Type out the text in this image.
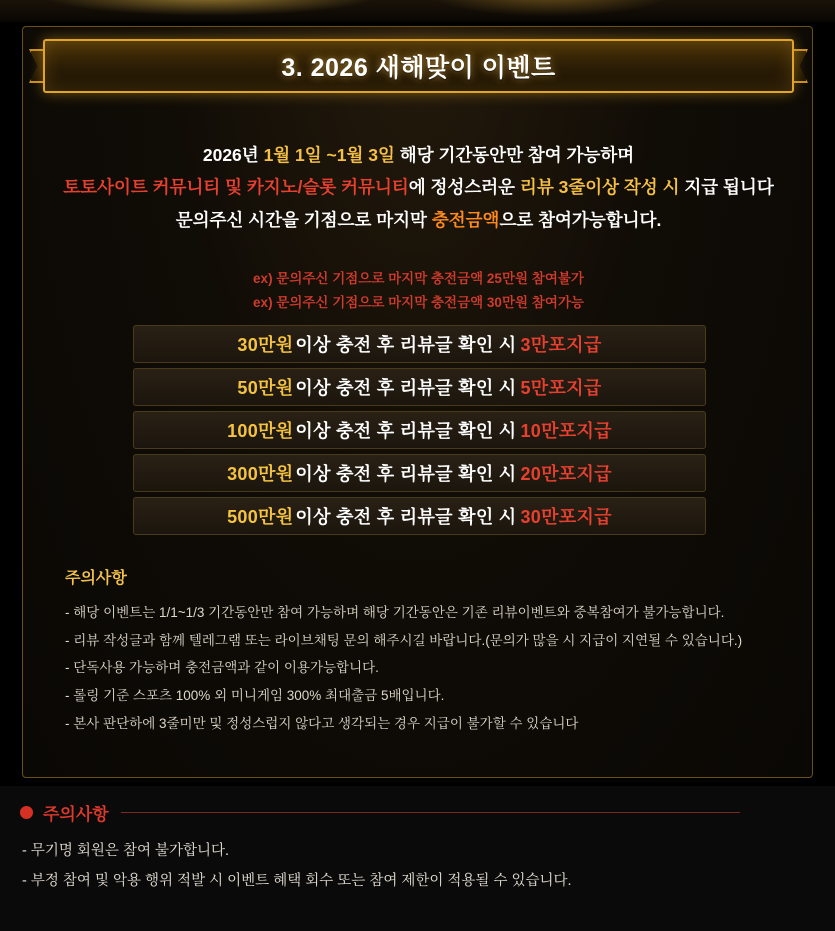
3. 2026 새해맞이 이벤트
2026년 1월 1일 ~1월 3일 해당 기간동안만 참여 가능하며
토토사이트 커뮤니티 및 카지노/슬롯 커뮤니티에 정성스러운 리뷰 3줄이상 작성 시 지급 됩니다
문의주신 시간을 기점으로 마지막 충전금액으로 참여가능합니다.
ex) 문의주신 기점으로 마지막 충전금액 25만원 참여불가
ex) 문의주신 기점으로 마지막 충전금액 30만원 참여가능
30만원 이상 충전 후 리뷰글 확인 시 3만포지급
50만원 이상 충전 후 리뷰글 확인 시 5만포지급
100만원 이상 충전 후 리뷰글 확인 시 10만포지급
300만원 이상 충전 후 리뷰글 확인 시 20만포지급
500만원 이상 충전 후 리뷰글 확인 시 30만포지급
주의사항
- 해당 이벤트는 1/1~1/3 기간동안만 참여 가능하며 해당 기간동안은 기존 리뷰이벤트와 중복참여가 불가능합니다.
- 리뷰 작성글과 함께 텔레그램 또는 라이브채팅 문의 해주시길 바랍니다.(문의가 많을 시 지급이 지연될 수 있습니다.)
- 단독사용 가능하며 충전금액과 같이 이용가능합니다.
- 롤링 기준 스포츠 100% 외 미니게임 300% 최대출금 5배입니다.
- 본사 판단하에 3줄미만 및 정성스럽지 않다고 생각되는 경우 지급이 불가할 수 있습니다
주의사항
- 무기명 회원은 참여 불가합니다.
- 부정 참여 및 악용 행위 적발 시 이벤트 혜택 회수 또는 참여 제한이 적용될 수 있습니다.
